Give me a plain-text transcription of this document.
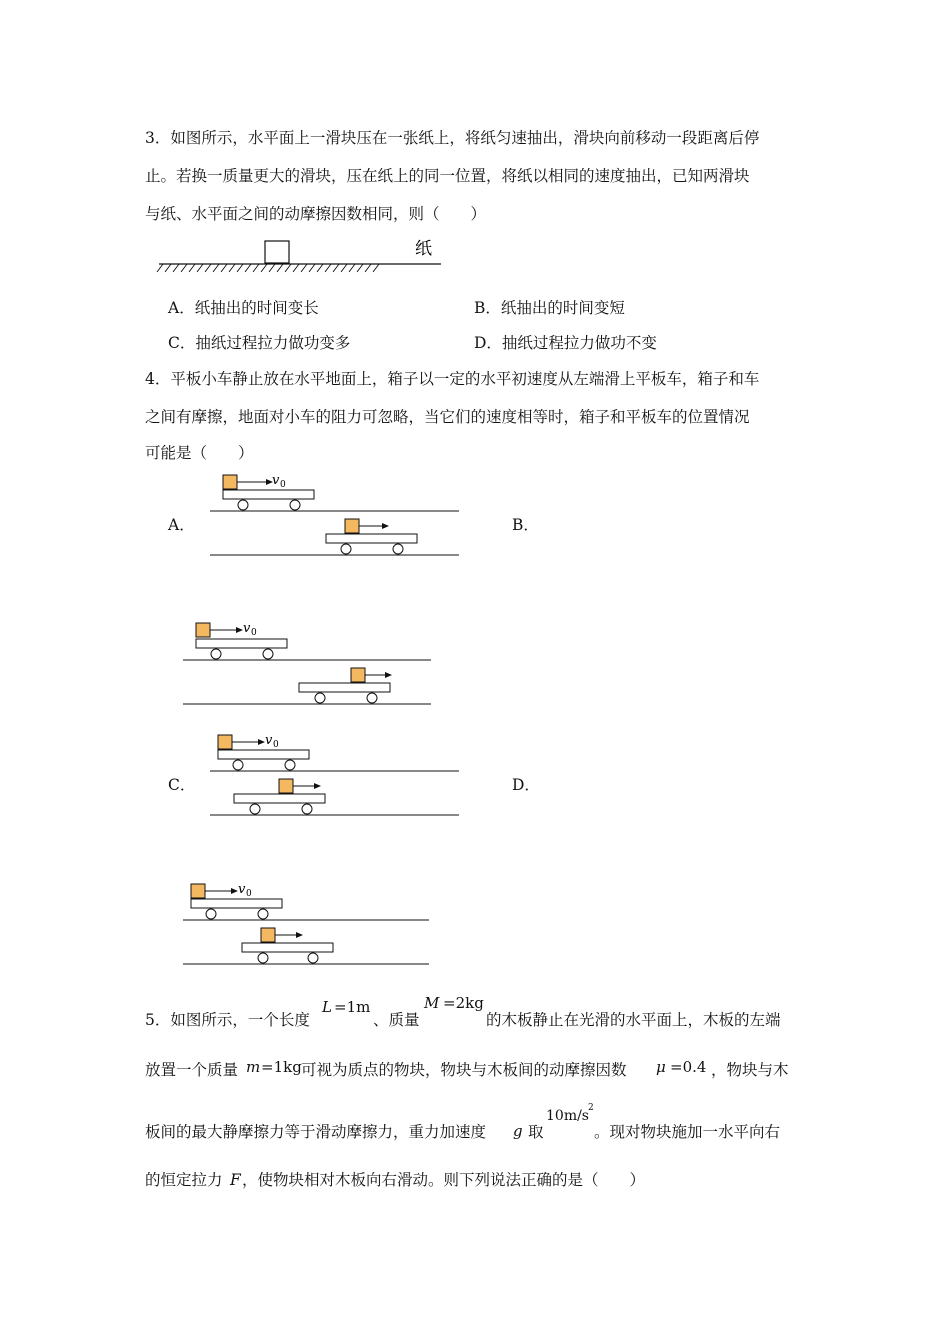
3．如图所示，水平面上一滑块压在一张纸上，将纸匀速抽出，滑块向前移动一段距离后停
止。若换一质量更大的滑块，压在纸上的同一位置，将纸以相同的速度抽出，已知两滑块
与纸、水平面之间的动摩擦因数相同，则（　　）
纸
A．纸抽出的时间变长	B．纸抽出的时间变短
C．抽纸过程拉力做功变多	D．抽纸过程拉力做功不变
4．平板小车静止放在水平地面上，箱子以一定的水平初速度从左端滑上平板车，箱子和车
之间有摩擦，地面对小车的阻力可忽略，当它们的速度相等时，箱子和平板车的位置情况
可能是（　　）
A．	B．
C．	D．
v 0
v 0
v 0
v 0
5．如图所示，一个长度
L =1m
、质量
M =2kg
的木板静止在光滑的水平面上，木板的左端
放置一个质量 m =1kg 可视为质点的物块，物块与木板间的动摩擦因数 μ =0.4 ，物块与木
板间的最大静摩擦力等于滑动摩擦力，重力加速度 g 取
10m/s 2
。现对物块施加一水平向右
的恒定拉力 F ，使物块相对木板向右滑动。则下列说法正确的是（　　）
